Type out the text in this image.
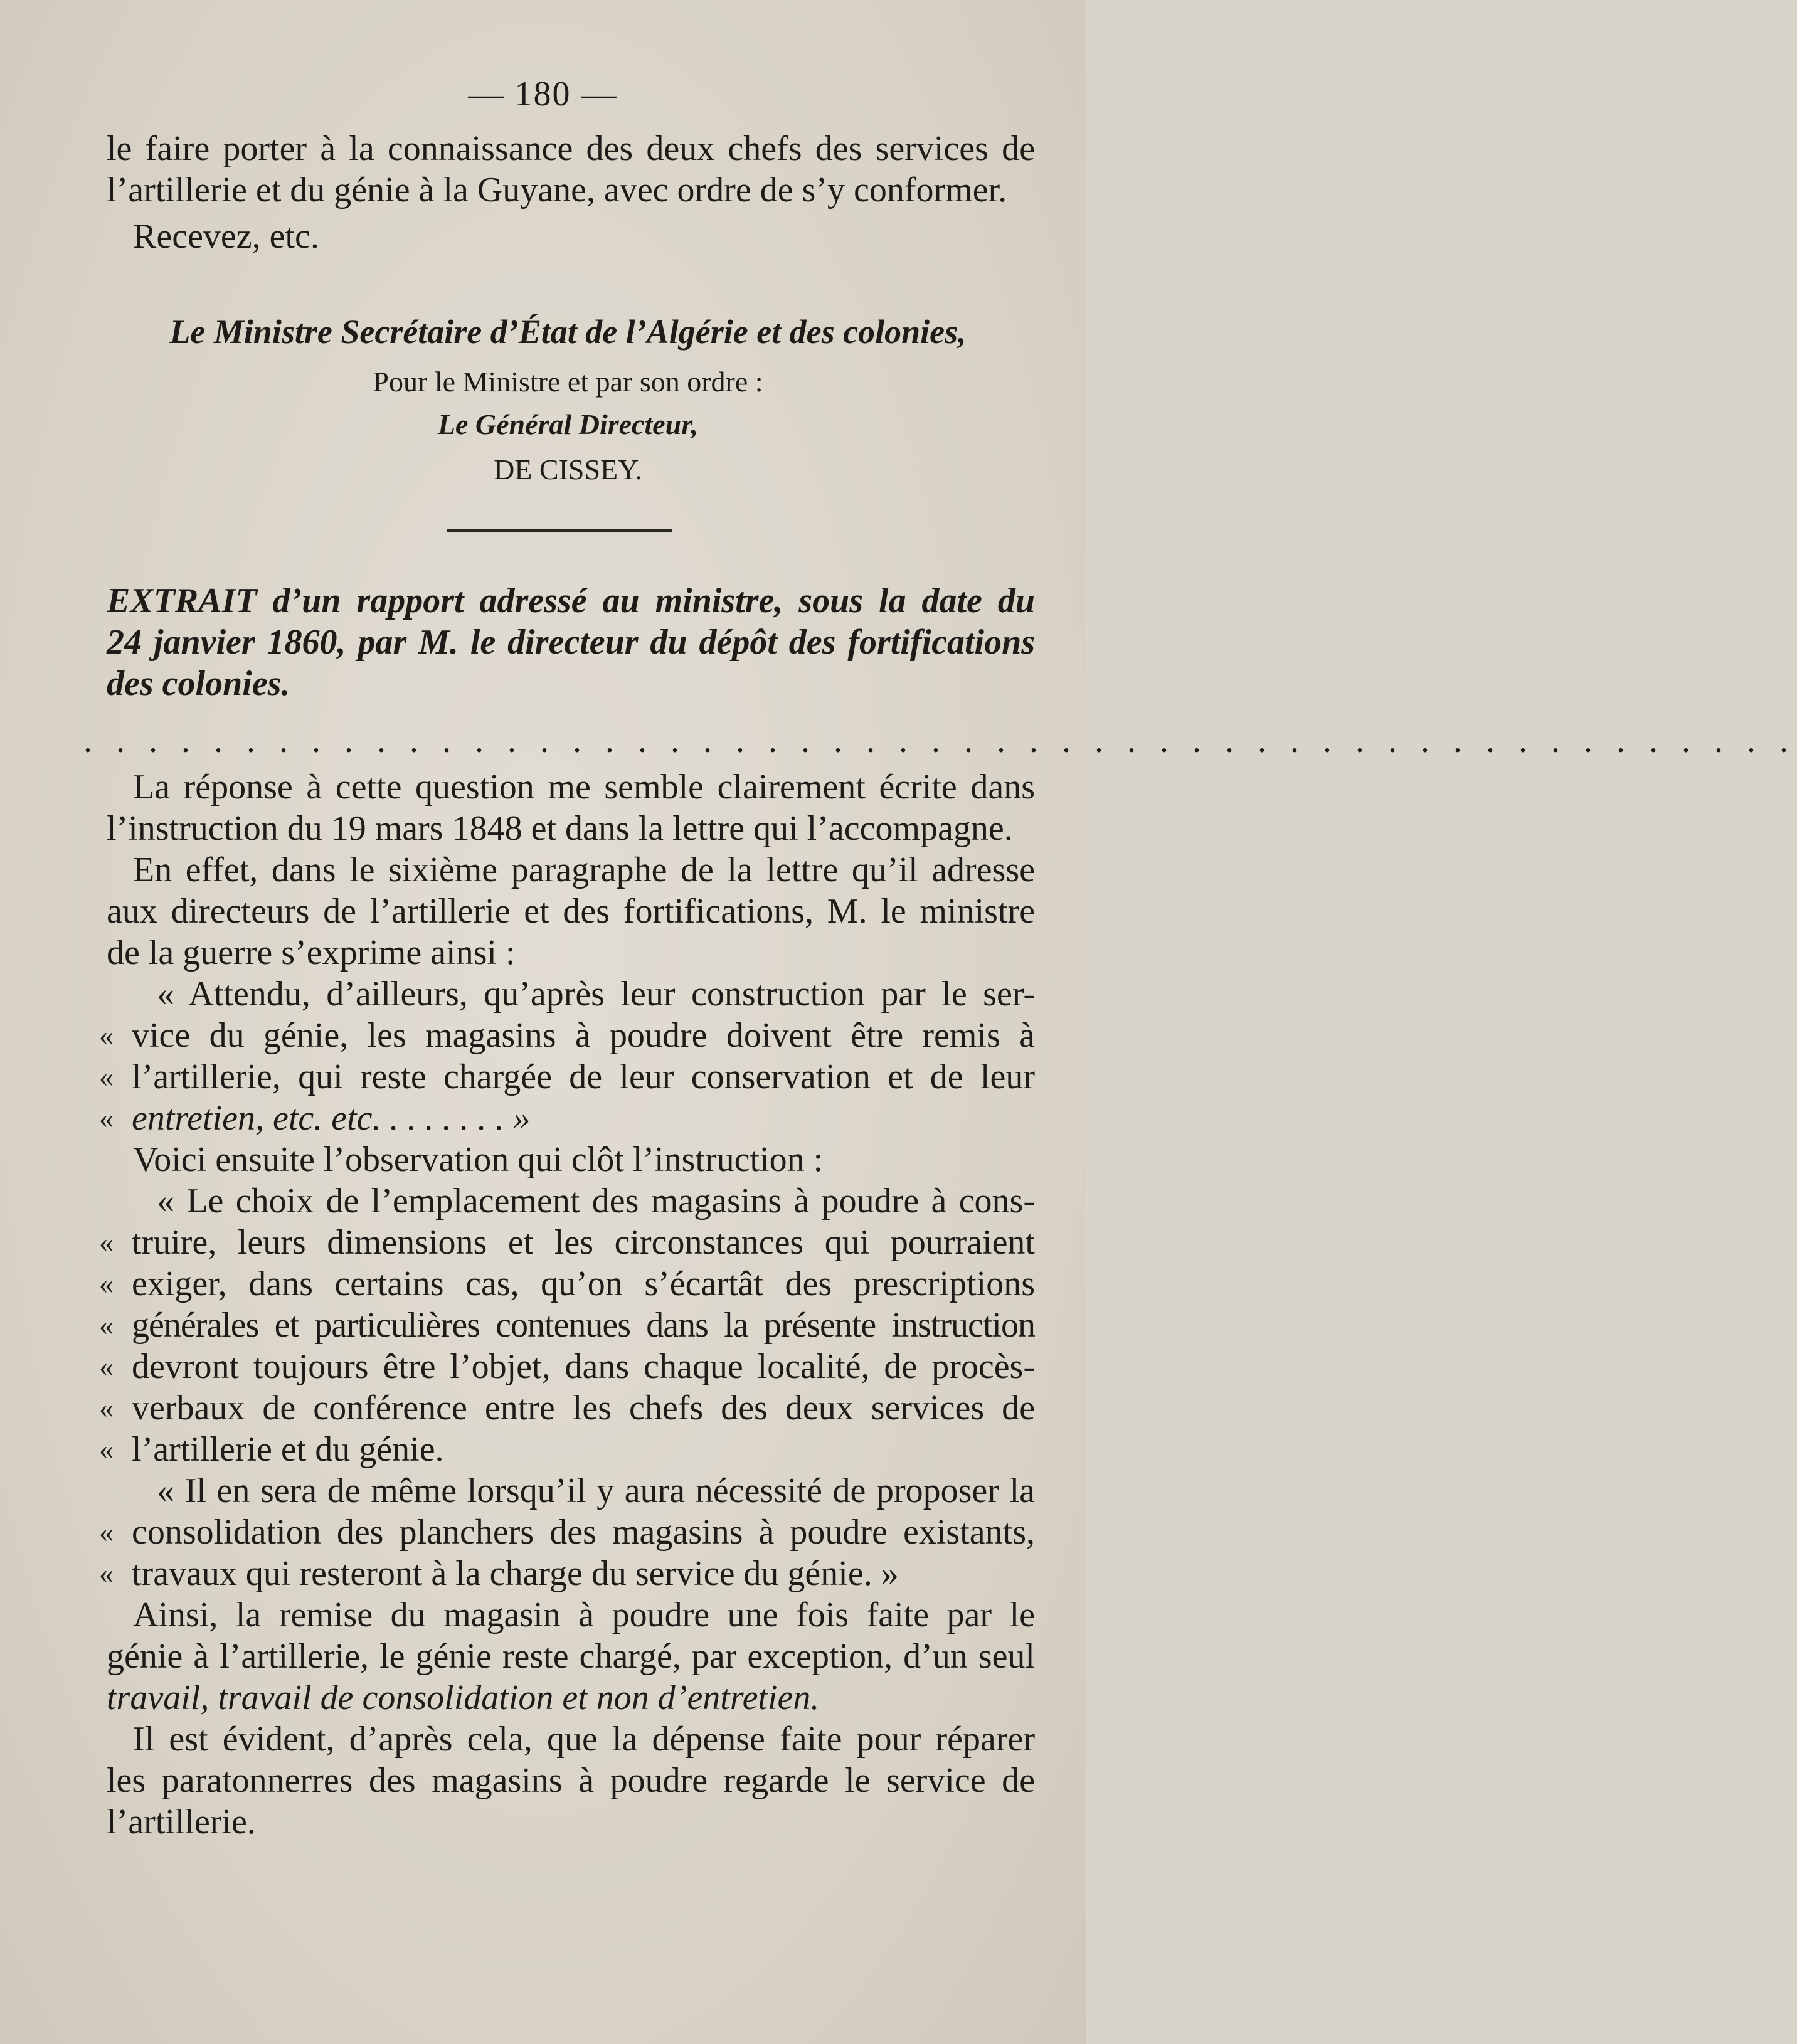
— 180 —
le faire porter à la connaissance des deux chefs des services de
l’artillerie et du génie à la Guyane, avec ordre de s’y conformer.
Recevez, etc.
Le Ministre Secrétaire d’État de l’Algérie et des colonies,
Pour le Ministre et par son ordre :
Le Général Directeur,
DE CISSEY.
EXTRAIT d’un rapport adressé au ministre, sous la date du
24 janvier 1860, par M. le directeur du dépôt des fortifications
des colonies.
. . . . . . . . . . . . . . . . . . . . . . . . . . . . . . . . . . . . . . . . . . . . . . . . . . . . .
La réponse à cette question me semble clairement écrite dans
l’instruction du 19 mars 1848 et dans la lettre qui l’accompagne.
En effet, dans le sixième paragraphe de la lettre qu’il adresse
aux directeurs de l’artillerie et des fortifications, M. le ministre
de la guerre s’exprime ainsi :
« Attendu, d’ailleurs, qu’après leur construction par le ser-
« vice du génie, les magasins à poudre doivent être remis à
« l’artillerie, qui reste chargée de leur conservation et de leur
« entretien, etc. etc. . . . . . . . »
Voici ensuite l’observation qui clôt l’instruction :
« Le choix de l’emplacement des magasins à poudre à cons-
« truire, leurs dimensions et les circonstances qui pourraient
« exiger, dans certains cas, qu’on s’écartât des prescriptions
« générales et particulières contenues dans la présente instruction
« devront toujours être l’objet, dans chaque localité, de procès-
« verbaux de conférence entre les chefs des deux services de
« l’artillerie et du génie.
« Il en sera de même lorsqu’il y aura nécessité de proposer la
« consolidation des planchers des magasins à poudre existants,
« travaux qui resteront à la charge du service du génie. »
Ainsi, la remise du magasin à poudre une fois faite par le
génie à l’artillerie, le génie reste chargé, par exception, d’un seul
travail, travail de consolidation et non d’entretien.
Il est évident, d’après cela, que la dépense faite pour réparer
les paratonnerres des magasins à poudre regarde le service de
l’artillerie.
